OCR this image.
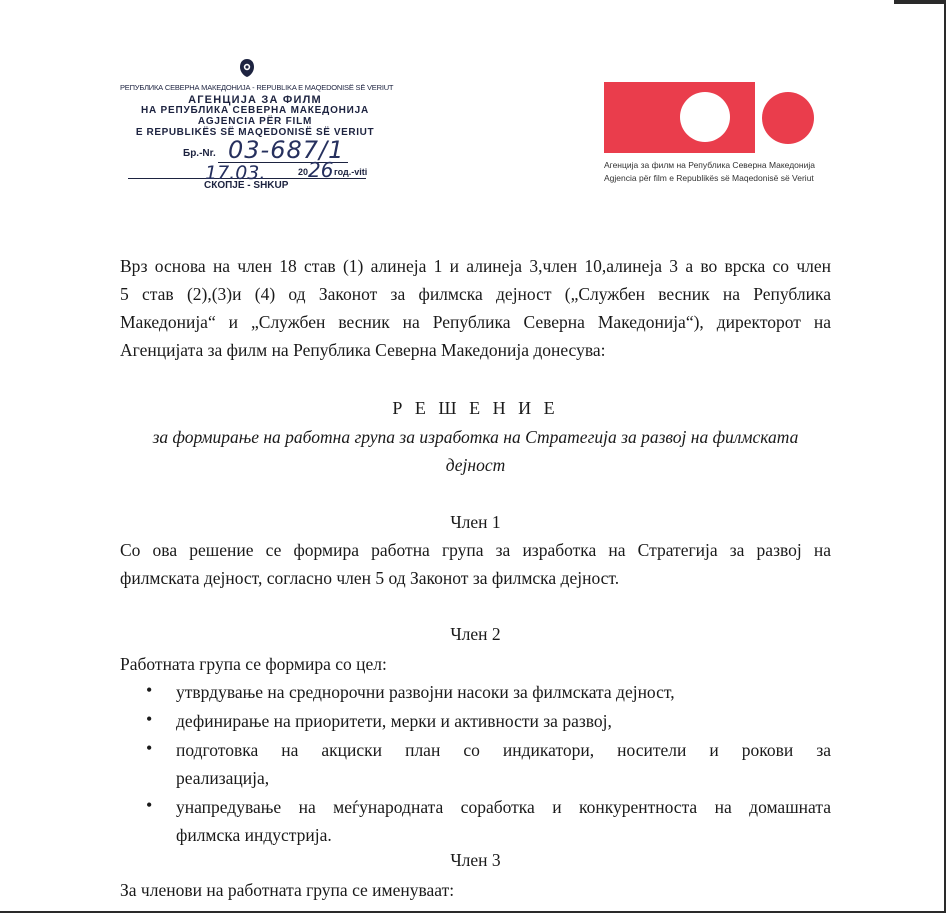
РЕПУБЛИКА СЕВЕРНА МАКЕДОНИЈА - REPUBLIKA E MAQEDONISË SË VERIUT
АГЕНЦИЈА ЗА ФИЛМ
НА РЕПУБЛИКА СЕВЕРНА МАКЕДОНИЈА
AGJENCIA PËR FILM
E REPUBLIKËS SË MAQEDONISË SË VERIUT
Бр.-Nr. 03-687/1
17.03.	20 26 год.-viti
СКОПЈЕ - SHKUP
Агенција за филм на Република Северна Македонија
Agjencia për film e Republikës së Maqedonisë së Veriut
Врз основа на член 18 став (1) алинеја 1 и алинеја 3,член 10,алинеја 3 а во врска со член
5 став (2),(3)и (4) од Законот за филмска дејност („Службен весник на Република
Македонија“ и „Службен весник на Република Северна Македонија“), директорот на
Агенцијата за филм на Република Северна Македонија донесува:
Р Е Ш Е Н И Е
за формирање на работна група за изработка на Стратегија за развој на филмската
дејност
Член 1
Со ова решение се формира работна група за изработка на Стратегија за развој на
филмската дејност, согласно член 5 од Законот за филмска дејност.
Член 2
Работната група се формира со цел:
• утврдување на среднорочни развојни насоки за филмската дејност,
• дефинирање на приоритети, мерки и активности за развој,
• подготовка на акциски план со индикатори, носители и рокови за
реализација,
• унапредување на меѓународната соработка и конкурентноста на домашната
филмска индустрија.
Член 3
За членови на работната група се именуваат:
